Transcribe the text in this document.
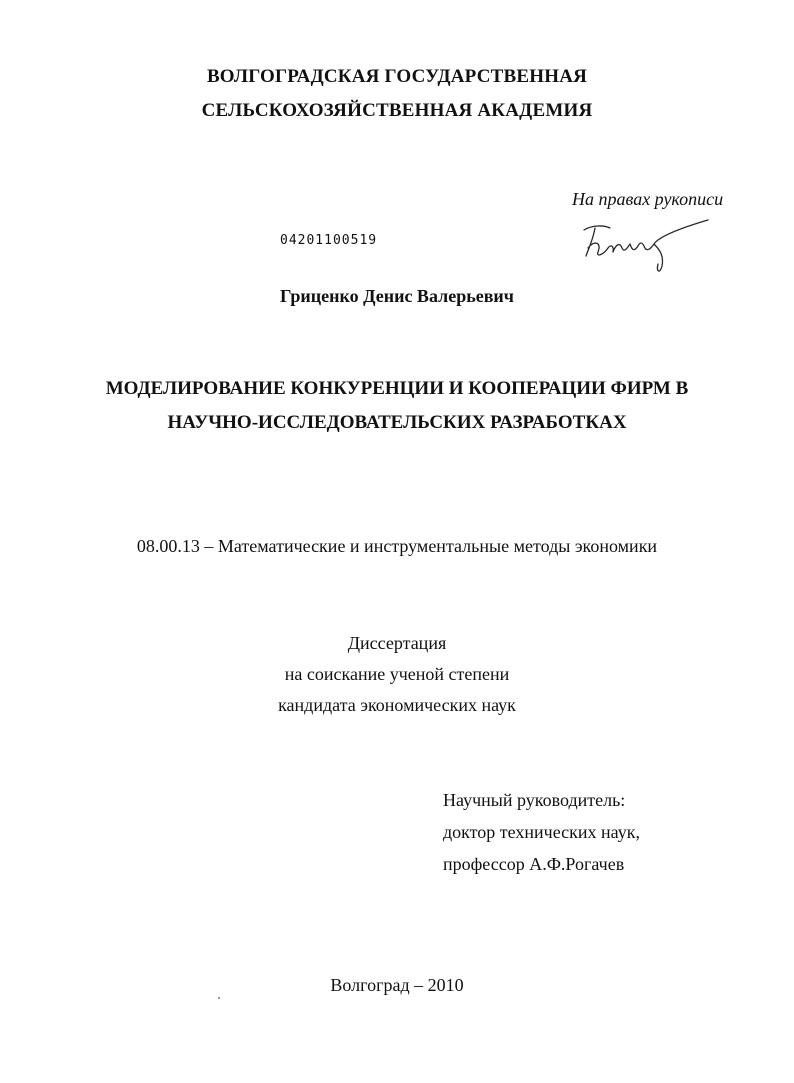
ВОЛГОГРАДСКАЯ ГОСУДАРСТВЕННАЯ
СЕЛЬСКОХОЗЯЙСТВЕННАЯ АКАДЕМИЯ
На правах рукописи
04201100519
Гриценко Денис Валерьевич
МОДЕЛИРОВАНИЕ КОНКУРЕНЦИИ И КООПЕРАЦИИ ФИРМ В
НАУЧНО-ИССЛЕДОВАТЕЛЬСКИХ РАЗРАБОТКАХ
08.00.13 – Математические и инструментальные методы экономики
Диссертация
на соискание ученой степени
кандидата экономических наук
Научный руководитель:
доктор технических наук,
профессор А.Ф.Рогачев
Волгоград – 2010
